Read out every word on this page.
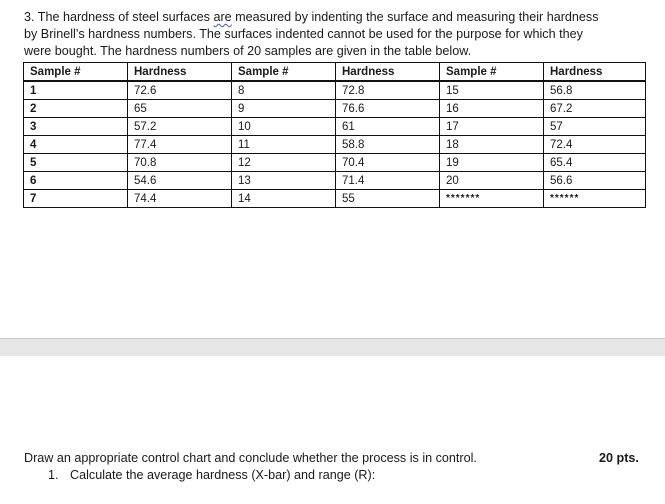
3. The hardness of steel surfaces are measured by indenting the surface and measuring their hardness
by Brinell’s hardness numbers. The surfaces indented cannot be used for the purpose for which they
were bought. The hardness numbers of 20 samples are given in the table below.
Sample #	Hardness	Sample #	Hardness	Sample #	Hardness
1	72.6	8	72.8	15	56.8
2	65	9	76.6	16	67.2
3	57.2	10	61	17	57
4	77.4	11	58.8	18	72.4
5	70.8	12	70.4	19	65.4
6	54.6	13	71.4	20	56.6
7	74.4	14	55	*******	******
Draw an appropriate control chart and conclude whether the process is in control.	20 pts.
1. Calculate the average hardness (X-bar) and range (R):
